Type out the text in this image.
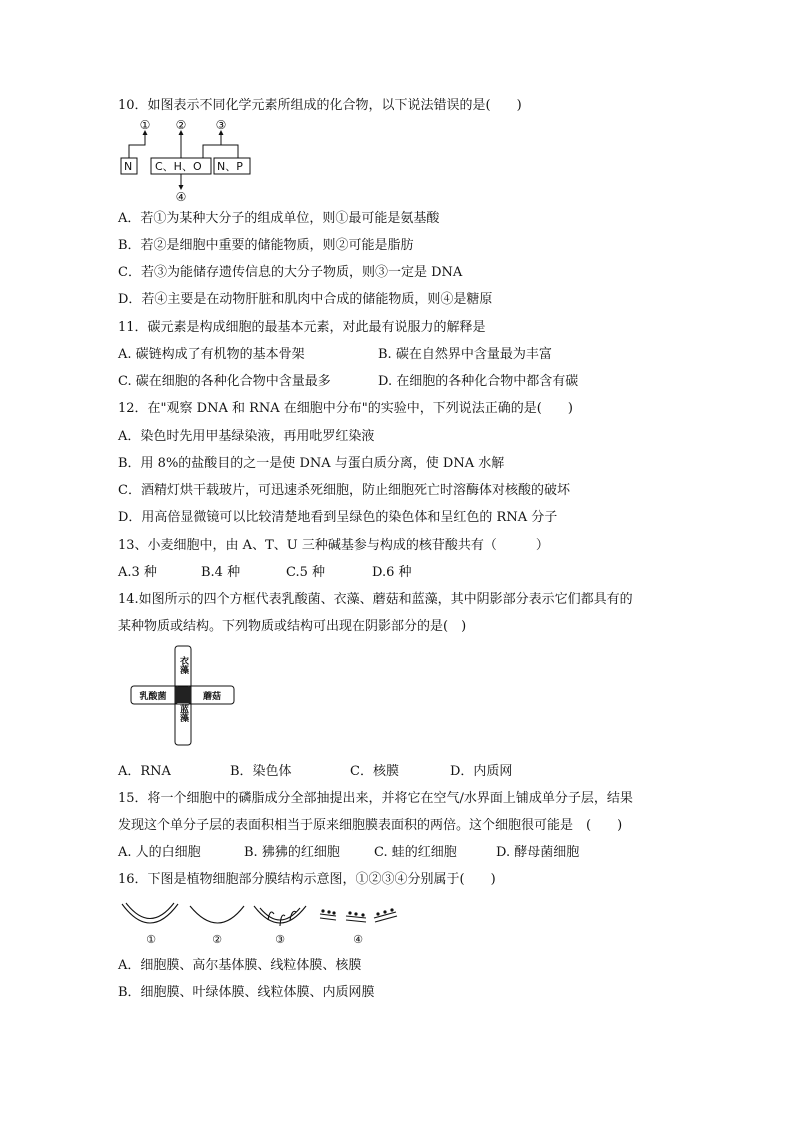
10．如图表示不同化学元素所组成的化合物，以下说法错误的是(　　)
N C、H、O N、P
① ② ③
④
A．若①为某种大分子的组成单位，则①最可能是氨基酸
B．若②是细胞中重要的储能物质，则②可能是脂肪
C．若③为能储存遗传信息的大分子物质，则③一定是 DNA
D．若④主要是在动物肝脏和肌肉中合成的储能物质，则④是糖原
11．碳元素是构成细胞的最基本元素，对此最有说服力的解释是
A. 碳链构成了有机物的基本骨架	B. 碳在自然界中含量最为丰富
C. 碳在细胞的各种化合物中含量最多	D. 在细胞的各种化合物中都含有碳
12．在"观察 DNA 和 RNA 在细胞中分布"的实验中，下列说法正确的是(　　)
A．染色时先用甲基绿染液，再用吡罗红染液
B．用 8%的盐酸目的之一是使 DNA 与蛋白质分离，使 DNA 水解
C．酒精灯烘干载玻片，可迅速杀死细胞，防止细胞死亡时溶酶体对核酸的破坏
D．用高倍显微镜可以比较清楚地看到呈绿色的染色体和呈红色的 RNA 分子
13、小麦细胞中，由 A、T、U 三种碱基参与构成的核苷酸共有（　　　）
A.3 种	B.4 种	C.5 种	D.6 种
14.如图所示的四个方框代表乳酸菌、衣藻、蘑菇和蓝藻，其中阴影部分表示它们都具有的
某种物质或结构。下列物质或结构可出现在阴影部分的是(　)
衣藻
蓝藻
乳酸菌	蘑菇
A．RNA	B．染色体	C．核膜	D．内质网
15．将一个细胞中的磷脂成分全部抽提出来，并将它在空气/水界面上铺成单分子层，结果
发现这个单分子层的表面积相当于原来细胞膜表面积的两倍。这个细胞很可能是　(　　)
A. 人的白细胞	B. 狒狒的红细胞	C. 蛙的红细胞	D. 酵母菌细胞
16．下图是植物细胞部分膜结构示意图，①②③④分别属于(　　)
①	②	③	④
A．细胞膜、高尔基体膜、线粒体膜、核膜
B．细胞膜、叶绿体膜、线粒体膜、内质网膜
